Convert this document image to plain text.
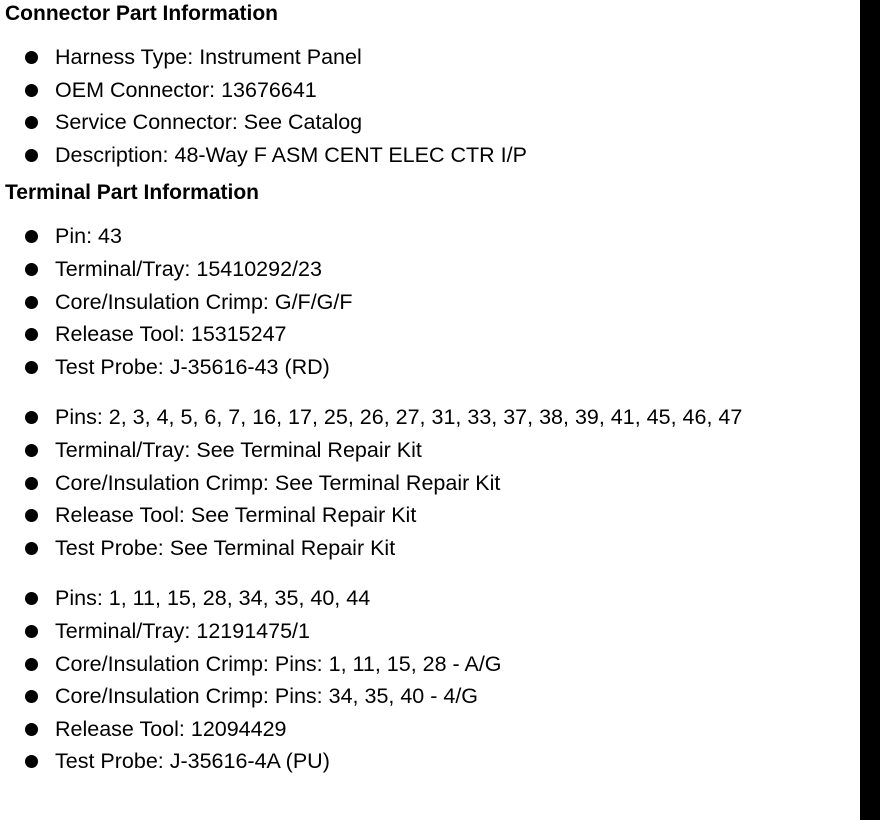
Connector Part Information
Harness Type: Instrument Panel
OEM Connector: 13676641
Service Connector: See Catalog
Description: 48-Way F ASM CENT ELEC CTR I/P
Terminal Part Information
Pin: 43
Terminal/Tray: 15410292/23
Core/Insulation Crimp: G/F/G/F
Release Tool: 15315247
Test Probe: J-35616-43 (RD)
Pins: 2, 3, 4, 5, 6, 7, 16, 17, 25, 26, 27, 31, 33, 37, 38, 39, 41, 45, 46, 47
Terminal/Tray: See Terminal Repair Kit
Core/Insulation Crimp: See Terminal Repair Kit
Release Tool: See Terminal Repair Kit
Test Probe: See Terminal Repair Kit
Pins: 1, 11, 15, 28, 34, 35, 40, 44
Terminal/Tray: 12191475/1
Core/Insulation Crimp: Pins: 1, 11, 15, 28 - A/G
Core/Insulation Crimp: Pins: 34, 35, 40 - 4/G
Release Tool: 12094429
Test Probe: J-35616-4A (PU)
